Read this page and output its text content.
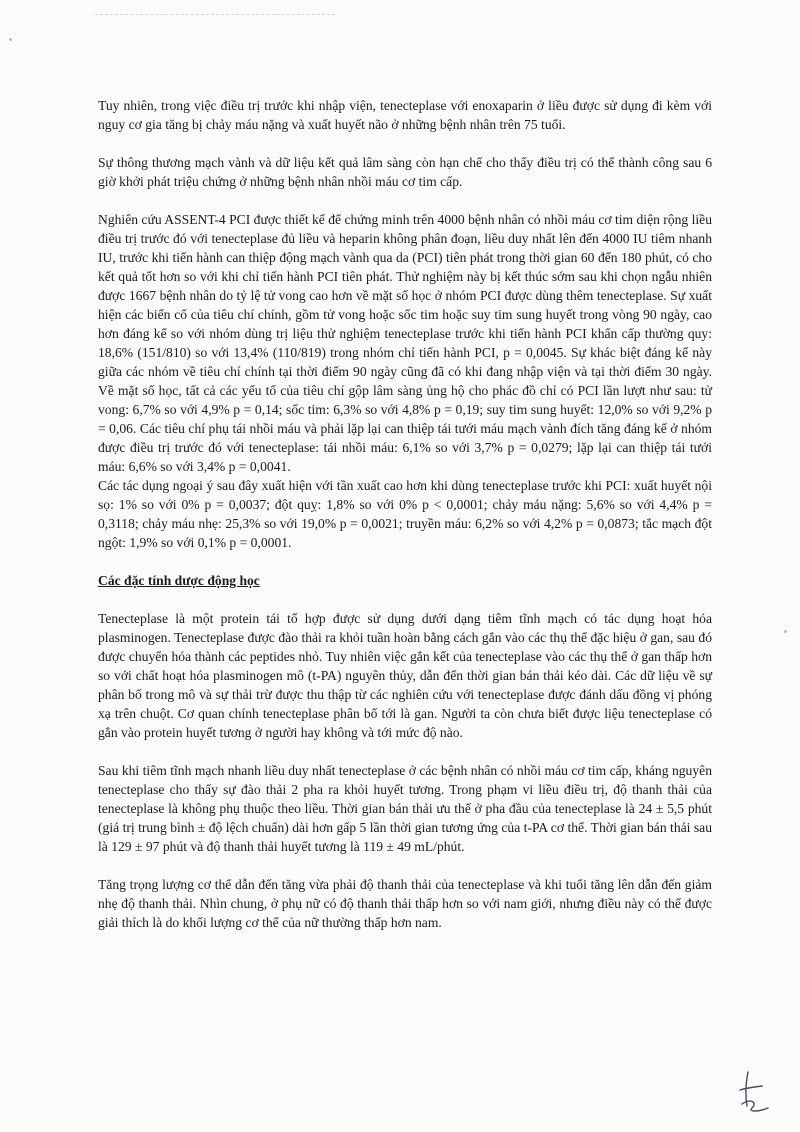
Tuy nhiên, trong việc điều trị trước khi nhập viện, tenecteplase với enoxaparin ở liều được sử dụng đi kèm với nguy cơ gia tăng bị chảy máu nặng và xuất huyết não ở những bệnh nhân trên 75 tuổi.

Sự thông thương mạch vành và dữ liệu kết quả lâm sàng còn hạn chế cho thấy điều trị có thể thành công sau 6 giờ khởi phát triệu chứng ở những bệnh nhân nhồi máu cơ tim cấp.

Nghiên cứu ASSENT-4 PCI được thiết kế để chứng minh trên 4000 bệnh nhân có nhồi máu cơ tim diện rộng liều điều trị trước đó với tenecteplase đủ liều và heparin không phân đoạn, liều duy nhất lên đến 4000 IU tiêm nhanh IU, trước khi tiến hành can thiệp động mạch vành qua da (PCI) tiên phát trong thời gian 60 đến 180 phút, có cho kết quả tốt hơn so với khi chỉ tiến hành PCI tiên phát. Thử nghiệm này bị kết thúc sớm sau khi chọn ngẫu nhiên được 1667 bệnh nhân do tỷ lệ tử vong cao hơn về mặt số học ở nhóm PCI được dùng thêm tenecteplase. Sự xuất hiện các biến cố của tiêu chí chính, gồm tử vong hoặc sốc tim hoặc suy tim sung huyết trong vòng 90 ngày, cao hơn đáng kể so với nhóm dùng trị liệu thử nghiệm tenecteplase trước khi tiến hành PCI khẩn cấp thường quy: 18,6% (151/810) so với 13,4% (110/819) trong nhóm chỉ tiến hành PCI, p = 0,0045. Sự khác biệt đáng kể này giữa các nhóm về tiêu chí chính tại thời điểm 90 ngày cũng đã có khi đang nhập viện và tại thời điểm 30 ngày. Về mặt số học, tất cả các yếu tố của tiêu chí gộp lâm sàng ủng hộ cho phác đồ chỉ có PCI lần lượt như sau: tử vong: 6,7% so với 4,9% p = 0,14; sốc tim: 6,3% so với 4,8% p = 0,19; suy tim sung huyết: 12,0% so với 9,2% p = 0,06. Các tiêu chí phụ tái nhồi máu và phải lặp lại can thiệp tái tưới máu mạch vành đích tăng đáng kể ở nhóm được điều trị trước đó với tenecteplase: tái nhồi máu: 6,1% so với 3,7% p = 0,0279; lặp lại can thiệp tái tưới máu: 6,6% so với 3,4% p = 0,0041.

Các tác dụng ngoại ý sau đây xuất hiện với tần xuất cao hơn khi dùng tenecteplase trước khi PCI: xuất huyết nội sọ: 1% so với 0% p = 0,0037; đột quỵ: 1,8% so với 0% p < 0,0001; chảy máu nặng: 5,6% so với 4,4% p = 0,3118; chảy máu nhẹ: 25,3% so với 19,0% p = 0,0021; truyền máu: 6,2% so với 4,2% p = 0,0873; tắc mạch đột ngột: 1,9% so với 0,1% p = 0,0001.

Các đặc tính dược động học

Tenecteplase là một protein tái tổ hợp được sử dụng dưới dạng tiêm tĩnh mạch có tác dụng hoạt hóa plasminogen. Tenecteplase được đào thải ra khỏi tuần hoàn bằng cách gắn vào các thụ thể đặc hiệu ở gan, sau đó được chuyển hóa thành các peptides nhỏ. Tuy nhiên việc gắn kết của tenecteplase vào các thụ thể ở gan thấp hơn so với chất hoạt hóa plasminogen mô (t-PA) nguyên thủy, dẫn đến thời gian bán thải kéo dài. Các dữ liệu về sự phân bố trong mô và sự thải trừ được thu thập từ các nghiên cứu với tenecteplase được đánh dấu đồng vị phóng xạ trên chuột. Cơ quan chính tenecteplase phân bố tới là gan. Người ta còn chưa biết được liệu tenecteplase có gắn vào protein huyết tương ở người hay không và tới mức độ nào.

Sau khi tiêm tĩnh mạch nhanh liều duy nhất tenecteplase ở các bệnh nhân có nhồi máu cơ tim cấp, kháng nguyên tenecteplase cho thấy sự đào thải 2 pha ra khỏi huyết tương. Trong phạm vi liều điều trị, độ thanh thải của tenecteplase là không phụ thuộc theo liều. Thời gian bán thải ưu thế ở pha đầu của tenecteplase là 24 ± 5,5 phút (giá trị trung bình ± độ lệch chuẩn) dài hơn gấp 5 lần thời gian tương ứng của t-PA cơ thể. Thời gian bán thải sau là 129 ± 97 phút và độ thanh thải huyết tương là 119 ± 49 mL/phút.

Tăng trọng lượng cơ thể dẫn đến tăng vừa phải độ thanh thải của tenecteplase và khi tuổi tăng lên dẫn đến giảm nhẹ độ thanh thải. Nhìn chung, ở phụ nữ có độ thanh thải thấp hơn so với nam giới, nhưng điều này có thể được giải thích là do khối lượng cơ thể của nữ thường thấp hơn nam.
